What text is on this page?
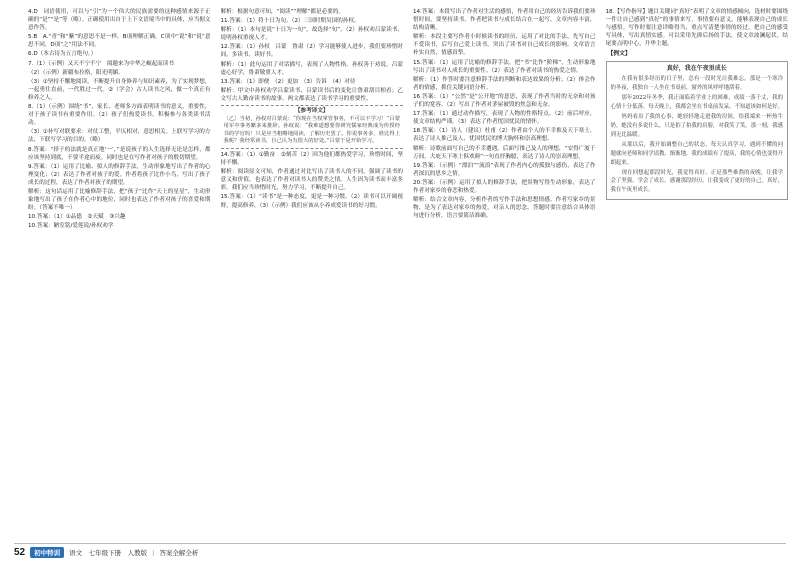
4.D　词语使用，可以与“引”为一个伟大的民族需要的这种感情来源于正确的“是”“是”等（略）。正确使用出自于上下文语境当中的具体，应当据文意作答。

5.B　A.“青”和“紫”的意思不是一样，B项理解正确。C项中“说”和“说”意思不同。D项“之”用法不同。

6.D（本古诗为五言绝句。）

7.（1）（示例）又天不宁不宁　阅题来为中华之崛起而读书

（2）（示例）新疆布拉格，阳光明媚。

（3）①坚持不懈地阅读，不断提升自身修养与知识素养，为了实现梦想，一起勇往直前，一代胜过一代。②（学会）古人读书之风，做一个真正有修养之人。

8.（1）（示例）围绕“书”，家长、老师多方面表明读书的意义，重要性，对于孩子读书有重要作用。（2）孩子们热爱读书，积极参与各类读书活动。

（3）①补写对联要求：对仗工整，平仄相对，意思相关。上联写学习的方法，下联写学习的目的。（略）

8.答案：“择于的法就是真正地‘一’，”是说孩子的人生选择无论是怎样，都应该坚持到底，不要半途而废。同时也是在写作者对孩子的殷切期望。

9.答案：（1）运用了比喻、拟人的修辞手法，生动形象地写出了作者的心理变化；（2）表达了作者对孩子的爱。作者将孩子比作小鸟，写出了孩子成长的过程，表达了作者对孩子的期望。

解析：这句话运用了比喻修辞手法，把“孩子”比作“天上的星星”，生动形象地写出了孩子在作者心中的地位，同时也表达了作者对孩子的喜爱和期盼。（答案不唯一）

10.答案：（1）①品德　②天赋　③兴趣

10.答案：陋室铭/爱莲说/孙权劝学

解析：根据句意可知，“阅读”“理解”都是必要的。

11.答案：（1）将十日为旬。（2）三国时期吴国的孙权。

解析：（1）本句是说“十日为一旬”，故选择“旬”。（2）孙权劝吕蒙读书，说明孙权重视人才。

12.答案：（1）孙权　吕蒙　鲁肃（2）学习能够使人进步，我们要珍惜时间，多读书，读好书。

解析：（1）此句运用了对话描写，表现了人物性格。孙权善于劝说，吕蒙虚心好学，鲁肃敬重人才。

13.答案：（1）即便　（2）更加　（3）告诉　（4）对待

解析：甲文中孙权劝学吕蒙读书，吕蒙读书后的变化让鲁肃刮目相看；乙文写古人勤奋读书的故事。两文都表达了读书学习的重要性。

【参考译文】
〔乙〕当初，孙权对吕蒙说：“你现在当权掌管事务，不可以不学习！”吕蒙用军中事务繁多来推辞。孙权说：“我难道想要你研究儒家经典成为传授经书的学官吗！只是应当粗略地阅读，了解历史罢了。你说事务多，谁比得上我呢？我经常读书，自己认为有很大的好处。”吕蒙于是开始学习。

14.答案：（1）①勤奋　②刻苦（2）因为他们都热爱学习，珍惜时间，坚持不懈。

解析：阅读原文可知，作者通过对比写出了读书人的不同，强调了读书的意义和价值，也表达了作者对读书人的赞美之情。人生因为读书而丰富多彩，我们应当珍惜时光，努力学习，不断提升自己。

15.答案：（1）“读书”是一种态度，更是一种习惯。（2）读书可以开阔视野，提高修养。（3）（示例）我们应该从小养成爱读书的好习惯。

14.答案：本段写出了作者对生活的感悟，作者用自己的经历告诉我们要珍惜时间，要坚持读书。作者把读书与成长结合在一起写，文章内容丰富，结构清晰。

解析：本段主要写作者小时候读书的经历，运用了对比的手法，先写自己不爱读书，后写自己爱上读书，突出了读书对自己成长的影响。文章语言朴实自然，情感真挚。

15.答案：（1）运用了比喻的修辞手法，把“书”比作“阶梯”，生动形象地写出了读书对人成长的重要性。（2）表达了作者对读书的热爱之情。

解析：（1）作答时要注意修辞手法的判断和表达效果的分析；（2）体会作者的情感，抓住关键词语分析。

16.答案：（1）“公然”是“公开地”的意思，表现了作者当时的无奈和对孩子们的宽容。（2）写出了作者对茅屋被毁的焦急和无奈。

17.答案：（1）通过动作描写，表现了人物的性格特点。（2）前后呼应，使文章结构严谨。（3）表达了作者忧国忧民的情怀。

18.答案：（1）诗人（建议）杜甫（2）作者由个人的不幸推及天下寒士，表达了诗人推己及人、忧国忧民的博大胸怀和崇高理想。

解析：诗歌前面写自己的不幸遭遇，后面写推己及人的理想，“安得广厦千万间，大庇天下寒士俱欢颜”一句直抒胸臆，表达了诗人的崇高理想。

19.答案：（示例）“漂泊”“流浪”表现了作者内心的孤独与感伤，表达了作者深沉的思乡之情。

20.答案：（示例）运用了拟人的修辞手法，把景物写得生动形象，表达了作者对家乡的眷恋和热爱。

解析：结合文章内容，分析作者的写作手法和思想情感。作者写家乡的景物，是为了表达对家乡的热爱，对亲人的思念。答题时要注意结合具体语句进行分析，语言要简洁准确。

18.【写作指导】题目关键词“真好”表明了文章的情感倾向，选材时要围绕一件让自己感到“真好”的事情来写，事情要有意义，能够表现自己的成长与感悟。写作时要注意详略得当，重点写清楚事情的经过，把自己的感受写具体，写出真情实感。可以采用先抑后扬的手法，使文章波澜起伏。结尾要点明中心，升华主题。

【例文】
真好，我在午夜里成长

在我有很多经历的日子里，总有一段时光让我难忘。那是一个寒冷的冬夜，我独自一人坐在书桌前，窗外的风呼呼地刮着。

那年2022年冬季，我正面临着学业上的困难，成绩一落千丈，我的心情十分低落。每天晚上，我都会坐在书桌前发呆，不知道该如何是好。

妈妈看出了我的心事，她轻轻地走进我的房间，给我端来一杯热牛奶。她没有多说什么，只是拍了拍我的肩膀，对我笑了笑。那一刻，我感到无比温暖。

从那以后，我开始调整自己的状态，每天认真学习，遇到不懂的问题就向老师和同学请教。渐渐地，我的成绩有了提高，我的心情也变得开朗起来。

现在回想起那段时光，我觉得真好。正是那些难熬的夜晚，让我学会了坚强，学会了成长。感谢那段经历，让我变成了更好的自己。真好，我在午夜里成长。

52	初中特训	语文　七年级下册　人教版 | 答案全解全析
